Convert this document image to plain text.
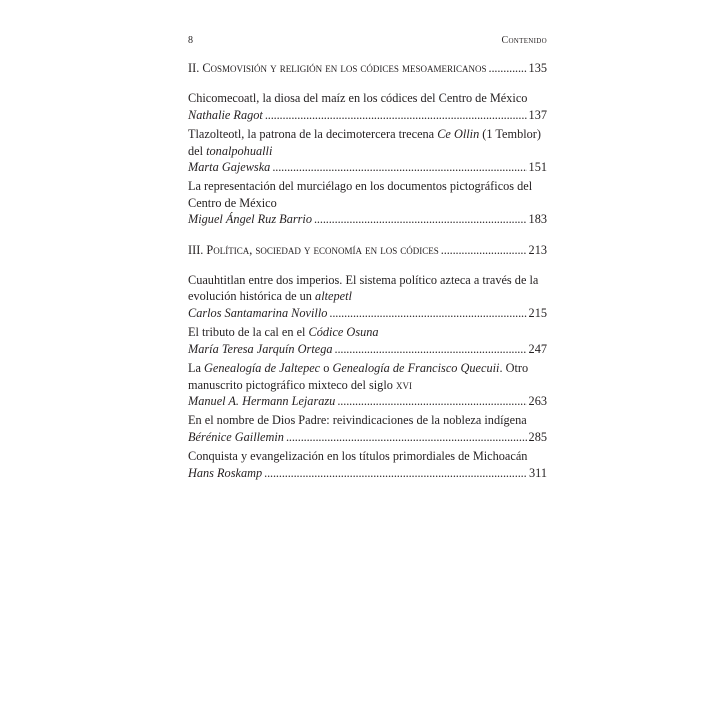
8	Contenido
II. Cosmovisión y religión en los códices mesoamericanos . . .	135
Chicomecoatl, la diosa del maíz en los códices del Centro de México
Nathalie Ragot . . .	137
Tlazolteotl, la patrona de la decimotercera trecena Ce Ollin (1 Temblor) del tonalpohualli
Marta Gajewska . . .	151
La representación del murciélago en los documentos pictográficos del Centro de México
Miguel Ángel Ruz Barrio . . .	183
III. Política, sociedad y economía en los códices . . .	213
Cuauhtitlan entre dos imperios. El sistema político azteca a través de la evolución histórica de un altepetl
Carlos Santamarina Novillo . . .	215
El tributo de la cal en el Códice Osuna
María Teresa Jarquín Ortega . . .	247
La Genealogía de Jaltepec o Genealogía de Francisco Quecuii. Otro manuscrito pictográfico mixteco del siglo xvi
Manuel A. Hermann Lejarazu . . .	263
En el nombre de Dios Padre: reivindicaciones de la nobleza indígena
Bérénice Gaillemin . . .	285
Conquista y evangelización en los títulos primordiales de Michoacán
Hans Roskamp . . .	311
